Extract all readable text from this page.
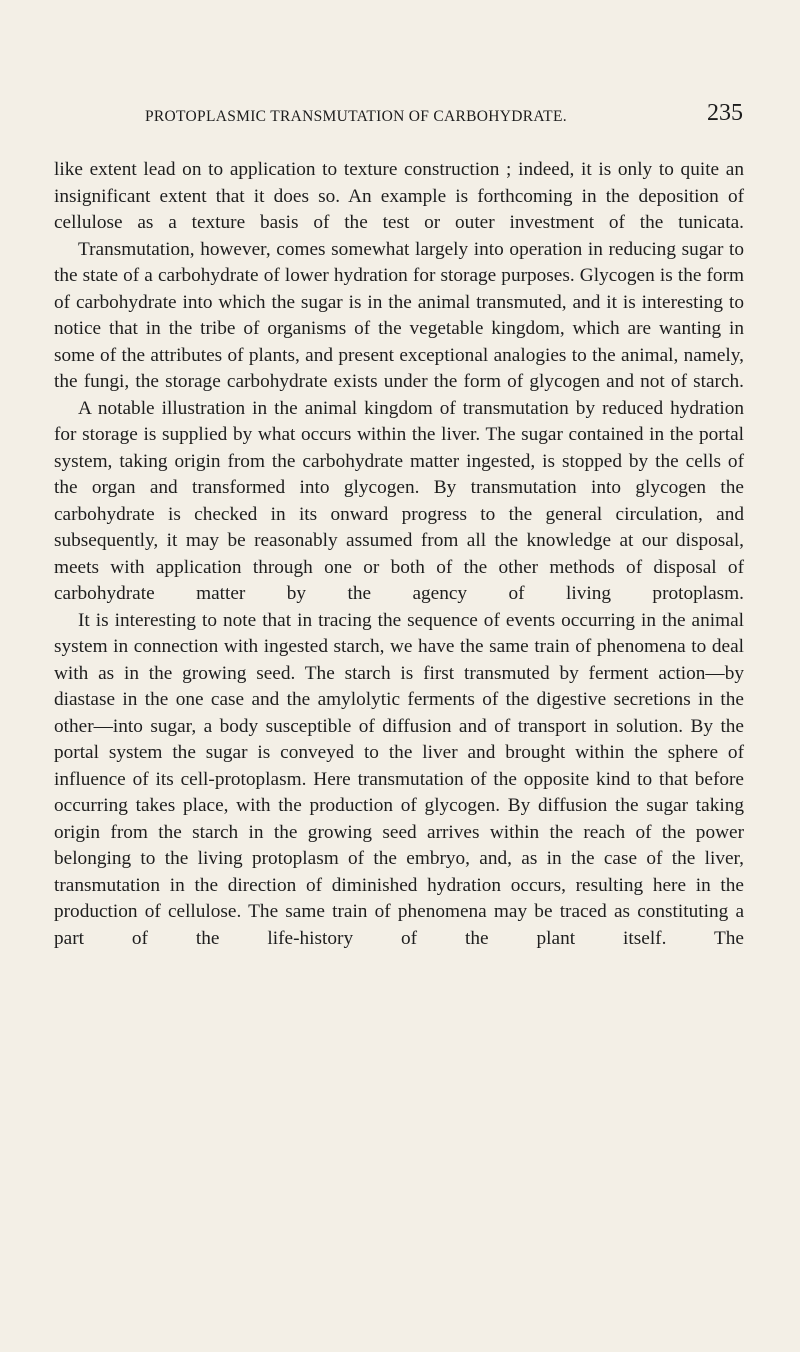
PROTOPLASMIC TRANSMUTATION OF CARBOHYDRATE.	235

like extent lead on to application to texture construction ; indeed, it is only to quite an insignificant extent that it does so. An example is forthcoming in the deposition of cellulose as a texture basis of the test or outer investment of the tunicata.

Transmutation, however, comes somewhat largely into operation in reducing sugar to the state of a carbohydrate of lower hydration for storage purposes. Glycogen is the form of carbohydrate into which the sugar is in the animal transmuted, and it is interesting to notice that in the tribe of organisms of the vegetable kingdom, which are wanting in some of the attributes of plants, and present exceptional analogies to the animal, namely, the fungi, the storage carbohydrate exists under the form of glycogen and not of starch.

A notable illustration in the animal kingdom of transmutation by reduced hydration for storage is supplied by what occurs within the liver. The sugar contained in the portal system, taking origin from the carbohydrate matter ingested, is stopped by the cells of the organ and transformed into glycogen. By transmutation into glycogen the carbohydrate is checked in its onward progress to the general circulation, and subsequently, it may be reasonably assumed from all the knowledge at our disposal, meets with application through one or both of the other methods of disposal of carbohydrate matter by the agency of living protoplasm.

It is interesting to note that in tracing the sequence of events occurring in the animal system in connection with ingested starch, we have the same train of phenomena to deal with as in the growing seed. The starch is first transmuted by ferment action—by diastase in the one case and the amylolytic ferments of the digestive secretions in the other—into sugar, a body susceptible of diffusion and of transport in solution. By the portal system the sugar is conveyed to the liver and brought within the sphere of influence of its cell-protoplasm. Here transmutation of the opposite kind to that before occurring takes place, with the production of glycogen. By diffusion the sugar taking origin from the starch in the growing seed arrives within the reach of the power belonging to the living protoplasm of the embryo, and, as in the case of the liver, transmutation in the direction of diminished hydration occurs, resulting here in the production of cellulose. The same train of phenomena may be traced as constituting a part of the life-history of the plant itself. The
